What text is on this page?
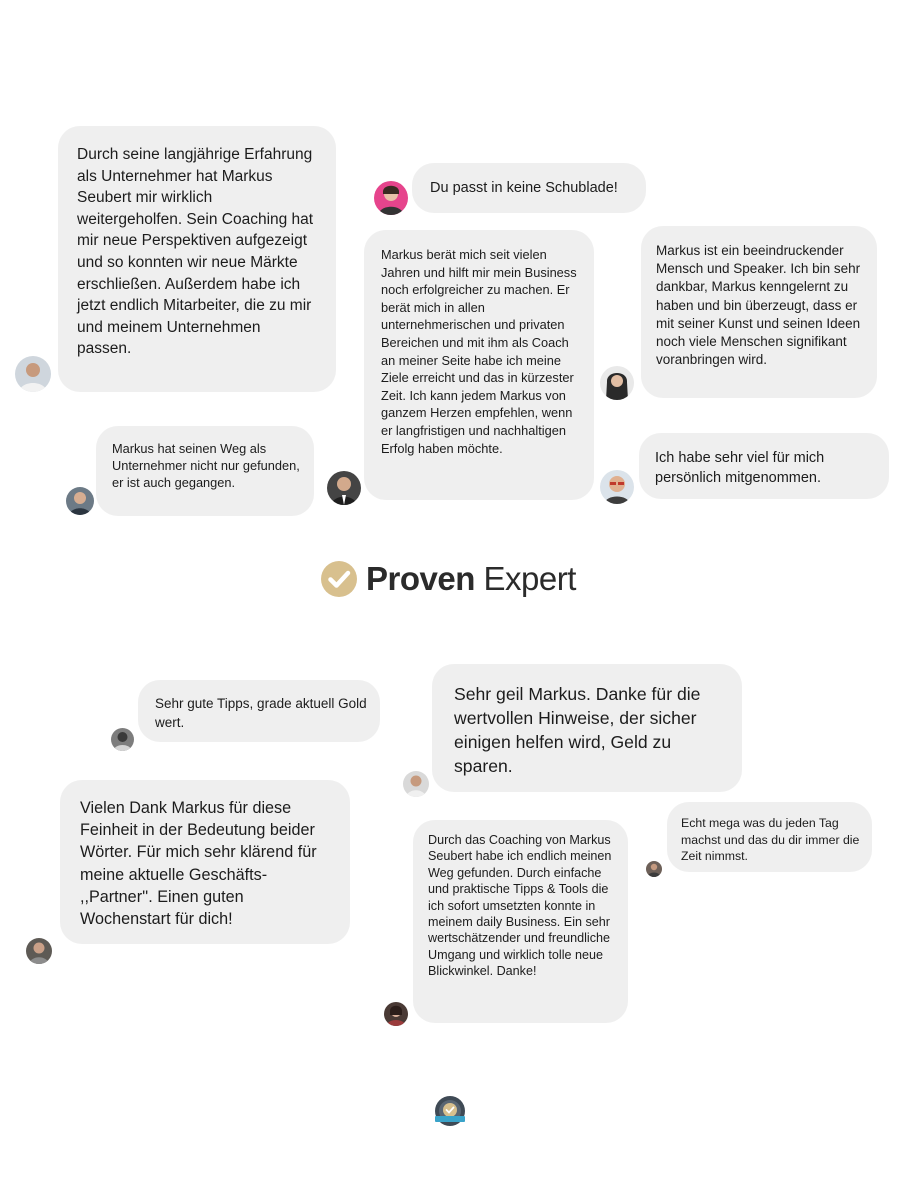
Durch seine langjährige Erfahrung als Unternehmer hat Markus Seubert mir wirklich weitergeholfen. Sein Coaching hat mir neue Perspektiven aufgezeigt und so konnten wir neue Märkte erschließen. Außerdem habe ich jetzt endlich Mitarbeiter, die zu mir und meinem Unternehmen passen.

Du passt in keine Schublade!

Markus berät mich seit vielen Jahren und hilft mir mein Business noch erfolgreicher zu machen. Er berät mich in allen unternehmerischen und privaten Bereichen und mit ihm als Coach an meiner Seite habe ich meine Ziele erreicht und das in kürzester Zeit. Ich kann jedem Markus von ganzem Herzen empfehlen, wenn er langfristigen und nachhaltigen Erfolg haben möchte.

Markus ist ein beeindruckender Mensch und Speaker. Ich bin sehr dankbar, Markus kenngelernt zu haben und bin überzeugt, dass er mit seiner Kunst und seinen Ideen noch viele Menschen signifikant voranbringen wird.

Markus hat seinen Weg als Unternehmer nicht nur gefunden, er ist auch gegangen.

Ich habe sehr viel für mich persönlich mitgenommen.

Proven Expert

Sehr gute Tipps, grade aktuell Gold wert.

Sehr geil Markus. Danke für die wertvollen Hinweise, der sicher einigen helfen wird, Geld zu sparen.

Vielen Dank Markus für diese Feinheit in der Bedeutung beider Wörter. Für mich sehr klärend für meine aktuelle Geschäfts- ,,Partner''. Einen guten Wochenstart für dich!

Echt mega was du jeden Tag machst und das du dir immer die Zeit nimmst.

Durch das Coaching von Markus Seubert habe ich endlich meinen Weg gefunden. Durch einfache und praktische Tipps & Tools die ich sofort umsetzten konnte in meinem daily Business. Ein sehr wertschätzender und freundliche Umgang und wirklich tolle neue Blickwinkel. Danke!
